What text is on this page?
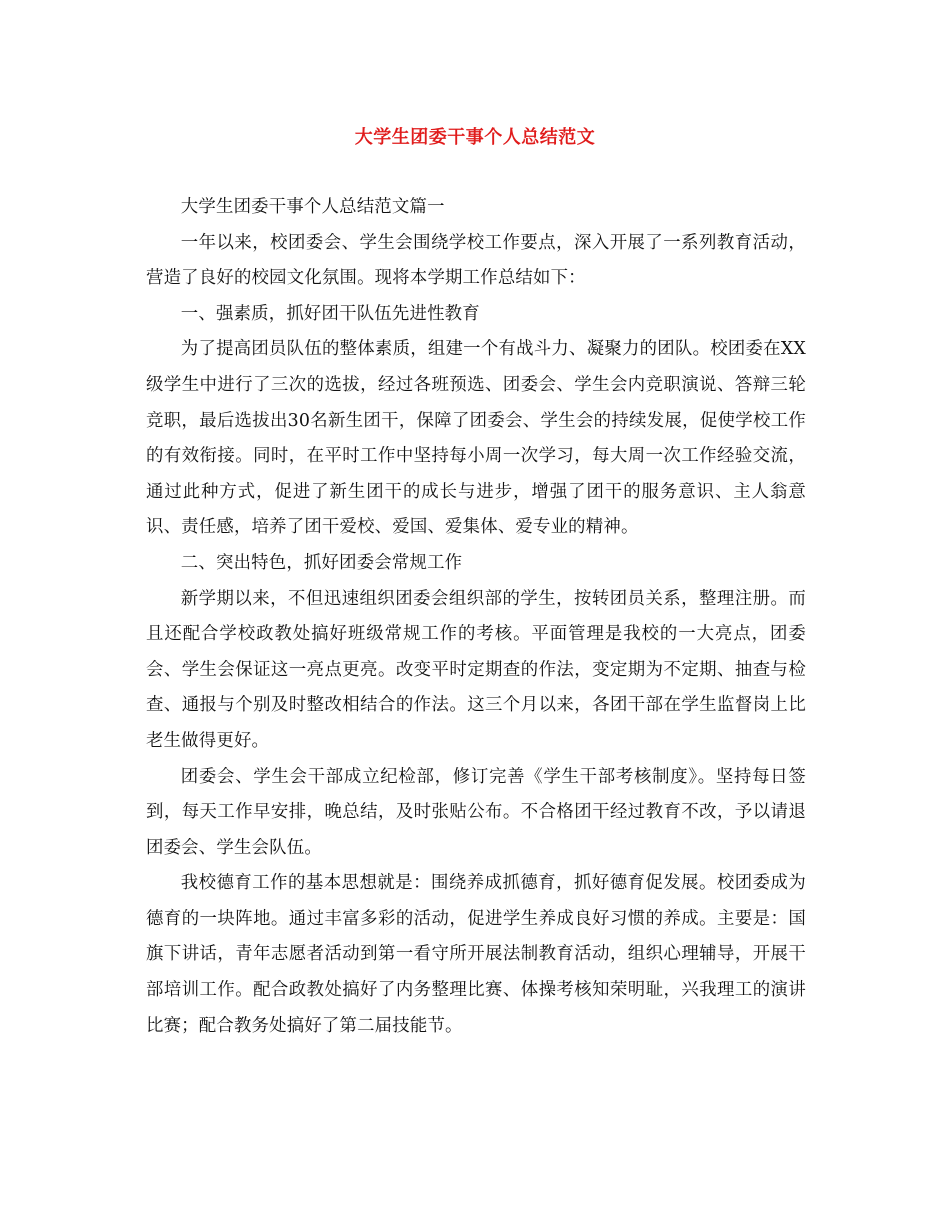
大学生团委干事个人总结范文

大学生团委干事个人总结范文篇一

一年以来，校团委会、学生会围绕学校工作要点，深入开展了一系列教育活动，营造了良好的校园文化氛围。现将本学期工作总结如下：

一、强素质，抓好团干队伍先进性教育

为了提高团员队伍的整体素质，组建一个有战斗力、凝聚力的团队。校团委在XX级学生中进行了三次的选拔，经过各班预选、团委会、学生会内竞职演说、答辩三轮竞职，最后选拔出30名新生团干，保障了团委会、学生会的持续发展，促使学校工作的有效衔接。同时，在平时工作中坚持每小周一次学习，每大周一次工作经验交流，通过此种方式，促进了新生团干的成长与进步，增强了团干的服务意识、主人翁意识、责任感，培养了团干爱校、爱国、爱集体、爱专业的精神。

二、突出特色，抓好团委会常规工作

新学期以来，不但迅速组织团委会组织部的学生，按转团员关系，整理注册。而且还配合学校政教处搞好班级常规工作的考核。平面管理是我校的一大亮点，团委会、学生会保证这一亮点更亮。改变平时定期查的作法，变定期为不定期、抽查与检查、通报与个别及时整改相结合的作法。这三个月以来，各团干部在学生监督岗上比老生做得更好。

团委会、学生会干部成立纪检部，修订完善《学生干部考核制度》。坚持每日签到，每天工作早安排，晚总结，及时张贴公布。不合格团干经过教育不改，予以请退团委会、学生会队伍。

我校德育工作的基本思想就是：围绕养成抓德育，抓好德育促发展。校团委成为德育的一块阵地。通过丰富多彩的活动，促进学生养成良好习惯的养成。主要是：国旗下讲话，青年志愿者活动到第一看守所开展法制教育活动，组织心理辅导，开展干部培训工作。配合政教处搞好了内务整理比赛、体操考核知荣明耻，兴我理工的演讲比赛；配合教务处搞好了第二届技能节。
